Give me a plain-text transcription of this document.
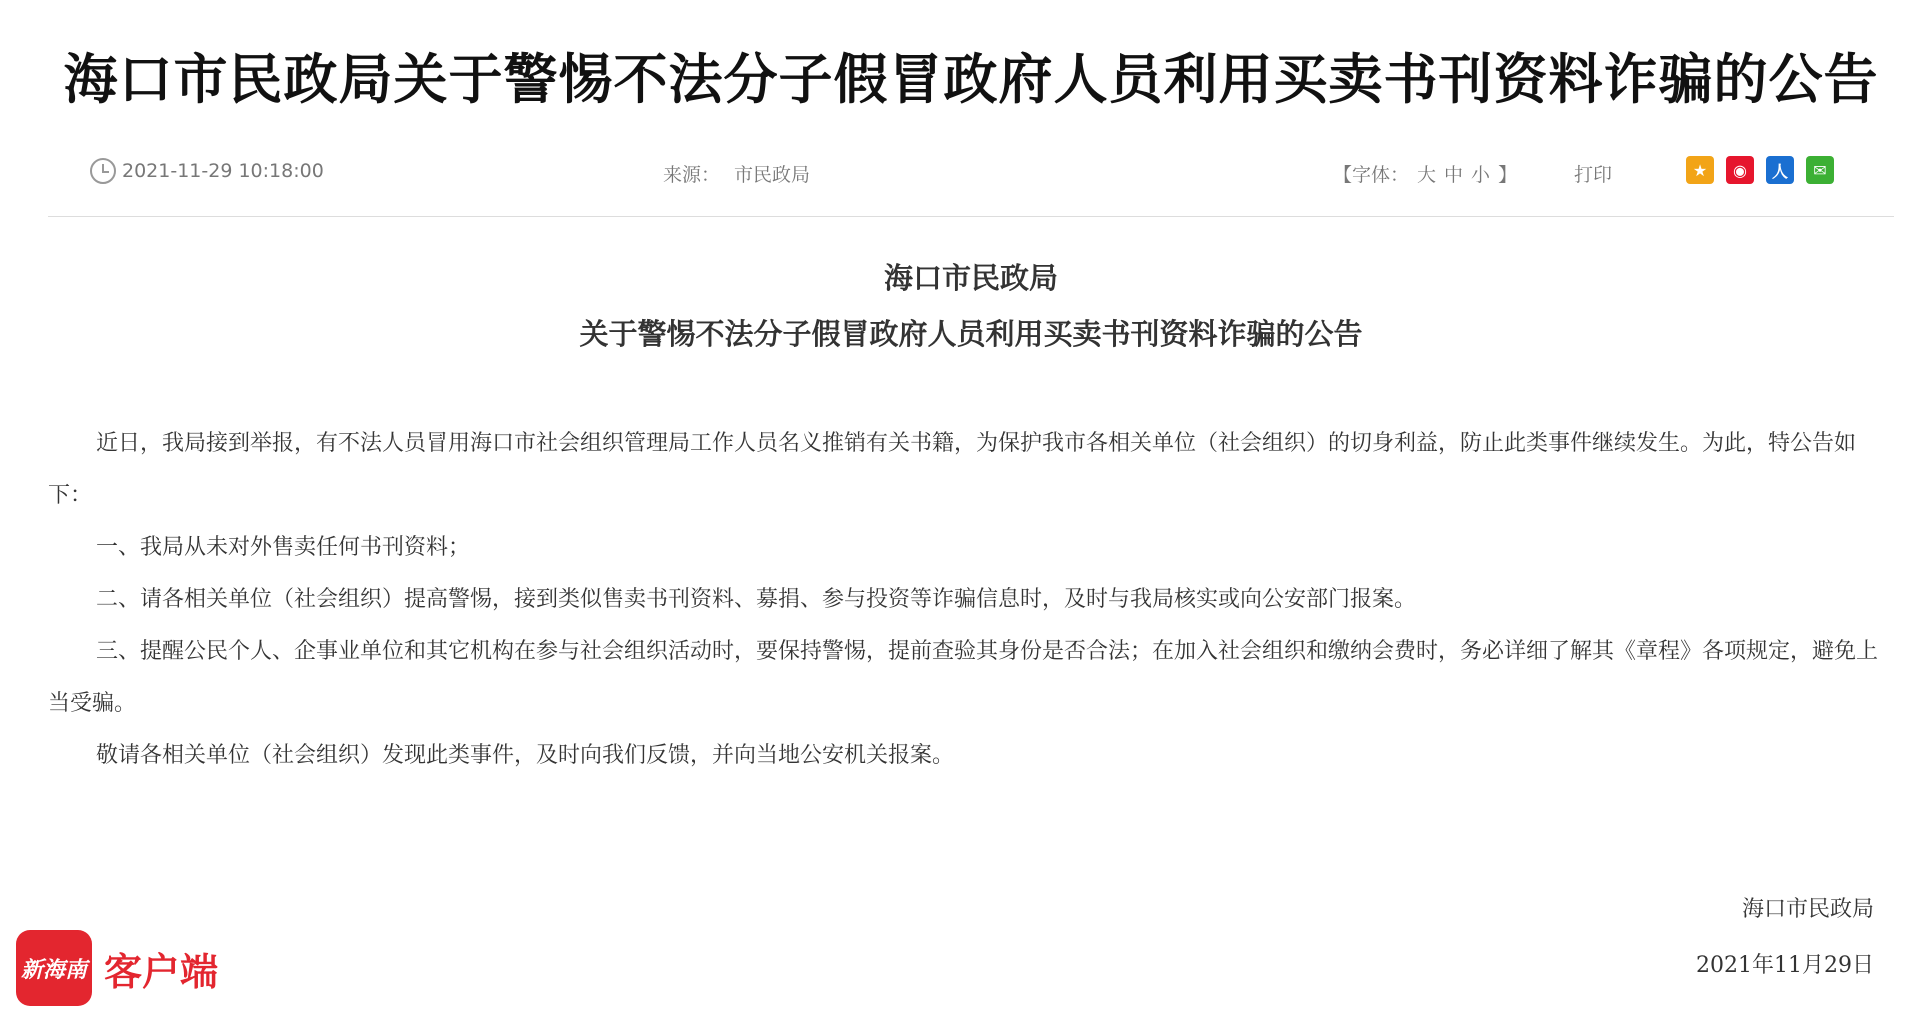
海口市民政局关于警惕不法分子假冒政府人员利用买卖书刊资料诈骗的公告
2021-11-29 10:18:00	来源： 市民政局	【字体： 大 中 小 】	打印	★	◉	人	✉
海口市民政局
关于警惕不法分子假冒政府人员利用买卖书刊资料诈骗的公告

近日，我局接到举报，有不法人员冒用海口市社会组织管理局工作人员名义推销有关书籍，为保护我市各相关单位（社会组织）的切身利益，防止此类事件继续发生。为此，特公告如下：

一、我局从未对外售卖任何书刊资料；

二、请各相关单位（社会组织）提高警惕，接到类似售卖书刊资料、募捐、参与投资等诈骗信息时，及时与我局核实或向公安部门报案。

三、提醒公民个人、企事业单位和其它机构在参与社会组织活动时，要保持警惕，提前查验其身份是否合法；在加入社会组织和缴纳会费时，务必详细了解其《章程》各项规定，避免上当受骗。

敬请各相关单位（社会组织）发现此类事件，及时向我们反馈，并向当地公安机关报案。

海口市民政局
2021年11月29日
新海南 客户端
